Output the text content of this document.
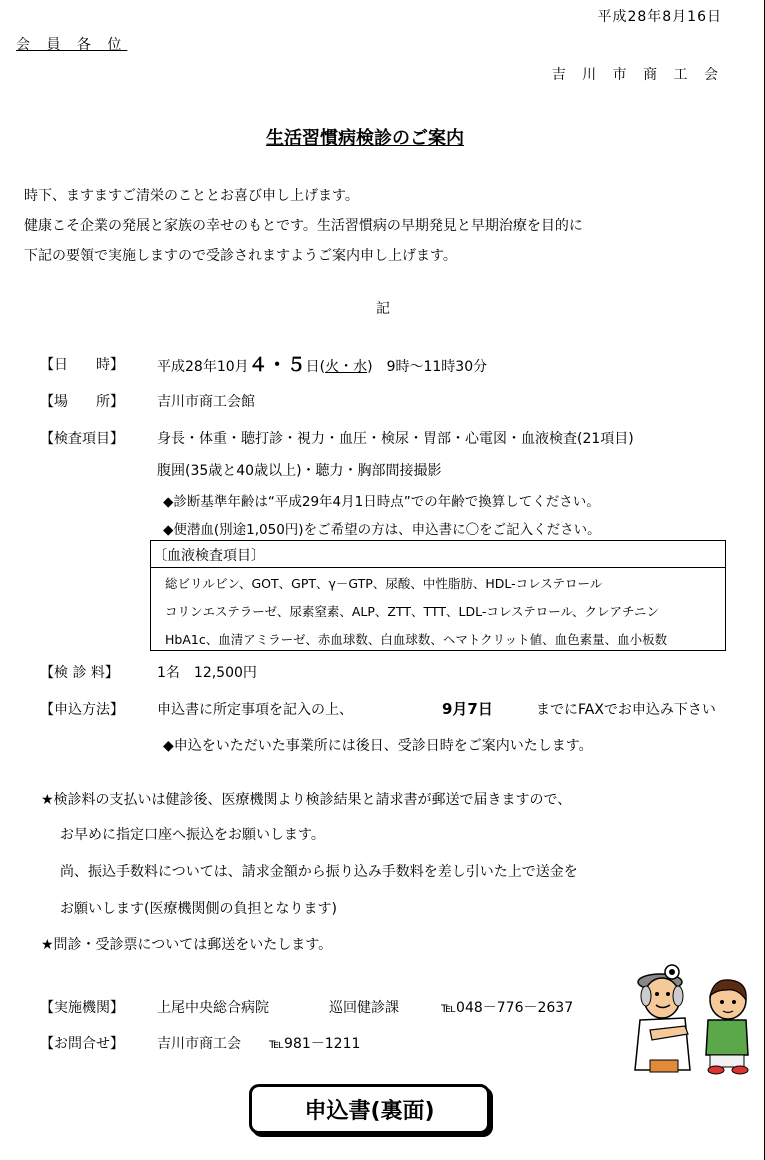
平成28年8月16日
会 員 各 位
吉 川 市 商 工 会
生活習慣病検診のご案内
時下、ますますご清栄のこととお喜び申し上げます。
健康こそ企業の発展と家族の幸せのもとです。生活習慣病の早期発見と早期治療を目的に
下記の要領で実施しますので受診されますようご案内申し上げます。
記
【日　　時】 平成28年10月４・５日(火・水)　9時～11時30分
【場　　所】 吉川市商工会館
【検査項目】 身長・体重・聴打診・視力・血圧・検尿・胃部・心電図・血液検査(21項目)
腹囲(35歳と40歳以上)・聴力・胸部間接撮影
◆診断基準年齢は“平成29年4月1日時点”での年齢で換算してください。
◆便潜血(別途1,050円)をご希望の方は、申込書に〇をご記入ください。
〔血液検査項目〕
総ビリルビン、GOT、GPT、γ－GTP、尿酸、中性脂肪、HDL-コレステロール
コリンエステラーゼ、尿素窒素、ALP、ZTT、TTT、LDL-コレステロール、クレアチニン
HbA1c、血清アミラーゼ、赤血球数、白血球数、ヘマトクリット値、血色素量、血小板数
【検 診 料】	1名　12,500円
【申込方法】 申込書に所定事項を記入の上、	9月7日	までにFAXでお申込み下さい
◆申込をいただいた事業所には後日、受診日時をご案内いたします。
★検診料の支払いは健診後、医療機関より検診結果と請求書が郵送で届きますので、
お早めに指定口座へ振込をお願いします。
尚、振込手数料については、請求金額から振り込み手数料を差し引いた上で送金を
お願いします(医療機関側の負担となります)
★問診・受診票については郵送をいたします。
【実施機関】 上尾中央総合病院	巡回健診課	℡048－776－2637
【お問合せ】 吉川市商工会 ℡981－1211
申込書(裏面)
